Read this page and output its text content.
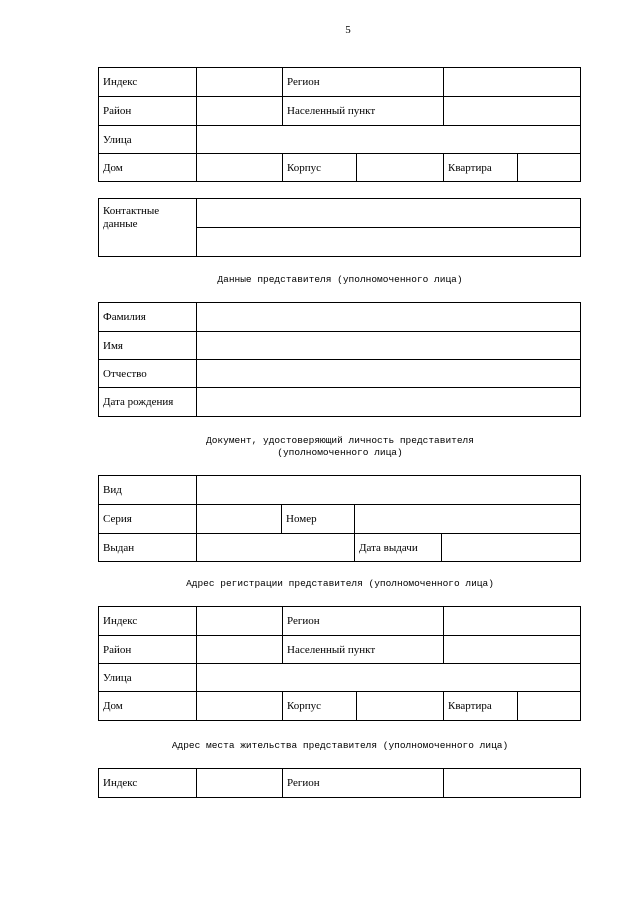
5
Индекс		Регион			
Район		Населенный пункт			
Улица					
Дом		Корпус		Квартира	
Контактные данные	

Данные представителя (уполномоченного лица)
Фамилия	
Имя	
Отчество	
Дата рождения	
Документ, удостоверяющий личность представителя
(уполномоченного лица)
Вид				
Серия		Номер		
Выдан			Дата выдачи	
Адрес регистрации представителя (уполномоченного лица)
Индекс		Регион			
Район		Населенный пункт			
Улица					
Дом		Корпус		Квартира	
Адрес места жительства представителя (уполномоченного лица)
Индекс		Регион	
